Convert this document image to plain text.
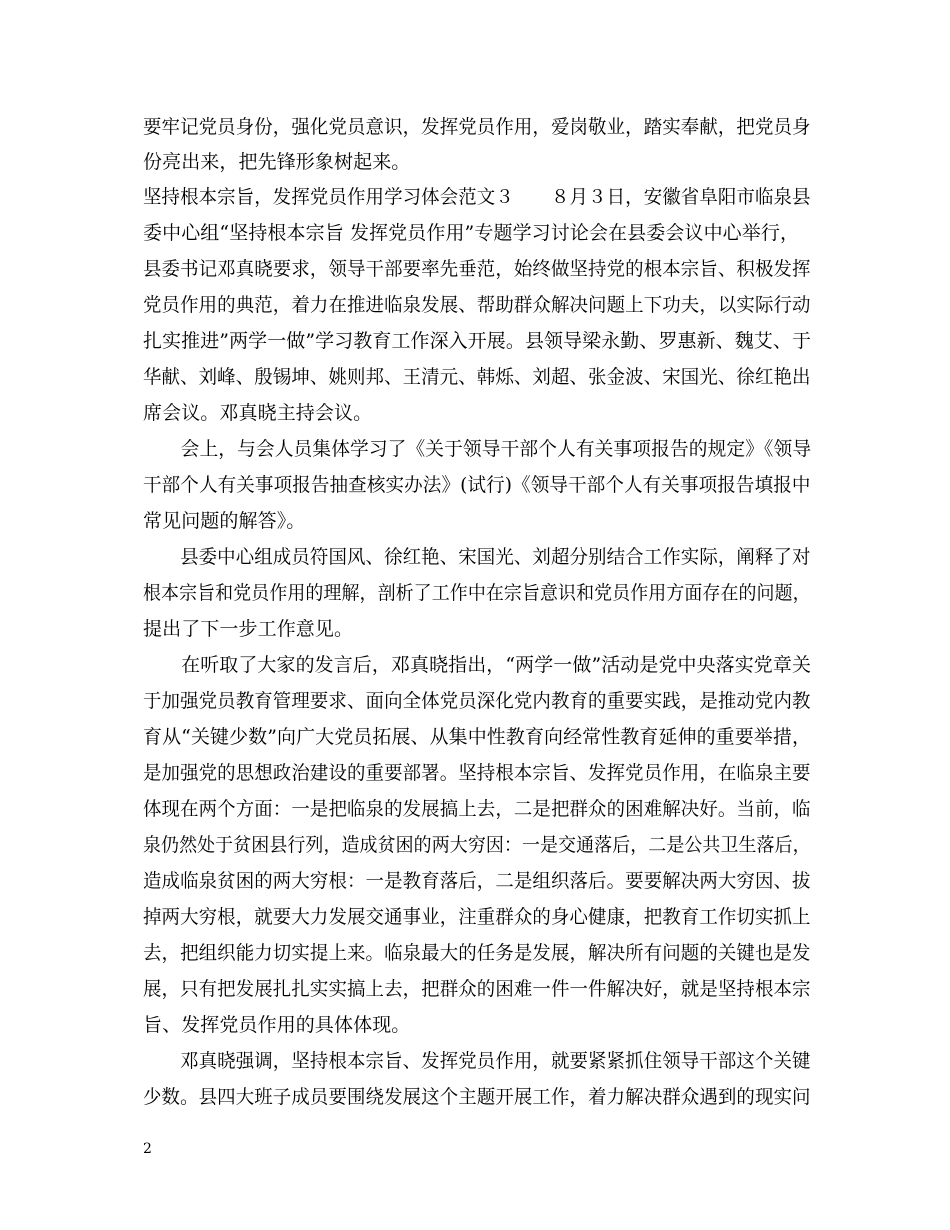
要牢记党员身份，强化党员意识，发挥党员作用，爱岗敬业，踏实奉献，把党员身
份亮出来，把先锋形象树起来。
坚持根本宗旨，发挥党员作用学习体会范文３　　８月３日，安徽省阜阳市临泉县
委中心组“坚持根本宗旨 发挥党员作用”专题学习讨论会在县委会议中心举行，
县委书记邓真晓要求，领导干部要率先垂范，始终做坚持党的根本宗旨、积极发挥
党员作用的典范，着力在推进临泉发展、帮助群众解决问题上下功夫，以实际行动
扎实推进”两学一做”学习教育工作深入开展。县领导梁永勤、罗惠新、魏艾、于
华献、刘峰、殷锡坤、姚则邦、王清元、韩烁、刘超、张金波、宋国光、徐红艳出
席会议。邓真晓主持会议。
　　会上，与会人员集体学习了《关于领导干部个人有关事项报告的规定》《领导
干部个人有关事项报告抽查核实办法》(试行)《领导干部个人有关事项报告填报中
常见问题的解答》。
　　县委中心组成员符国风、徐红艳、宋国光、刘超分别结合工作实际，阐释了对
根本宗旨和党员作用的理解，剖析了工作中在宗旨意识和党员作用方面存在的问题，
提出了下一步工作意见。
　　在听取了大家的发言后，邓真晓指出，“两学一做”活动是党中央落实党章关
于加强党员教育管理要求、面向全体党员深化党内教育的重要实践，是推动党内教
育从“关键少数”向广大党员拓展、从集中性教育向经常性教育延伸的重要举措，
是加强党的思想政治建设的重要部署。坚持根本宗旨、发挥党员作用，在临泉主要
体现在两个方面：一是把临泉的发展搞上去，二是把群众的困难解决好。当前，临
泉仍然处于贫困县行列，造成贫困的两大穷因：一是交通落后，二是公共卫生落后，
造成临泉贫困的两大穷根：一是教育落后，二是组织落后。要要解决两大穷因、拔
掉两大穷根，就要大力发展交通事业，注重群众的身心健康，把教育工作切实抓上
去，把组织能力切实提上来。临泉最大的任务是发展，解决所有问题的关键也是发
展，只有把发展扎扎实实搞上去，把群众的困难一件一件解决好，就是坚持根本宗
旨、发挥党员作用的具体体现。
　　邓真晓强调，坚持根本宗旨、发挥党员作用，就要紧紧抓住领导干部这个关键
少数。县四大班子成员要围绕发展这个主题开展工作，着力解决群众遇到的现实问
2
